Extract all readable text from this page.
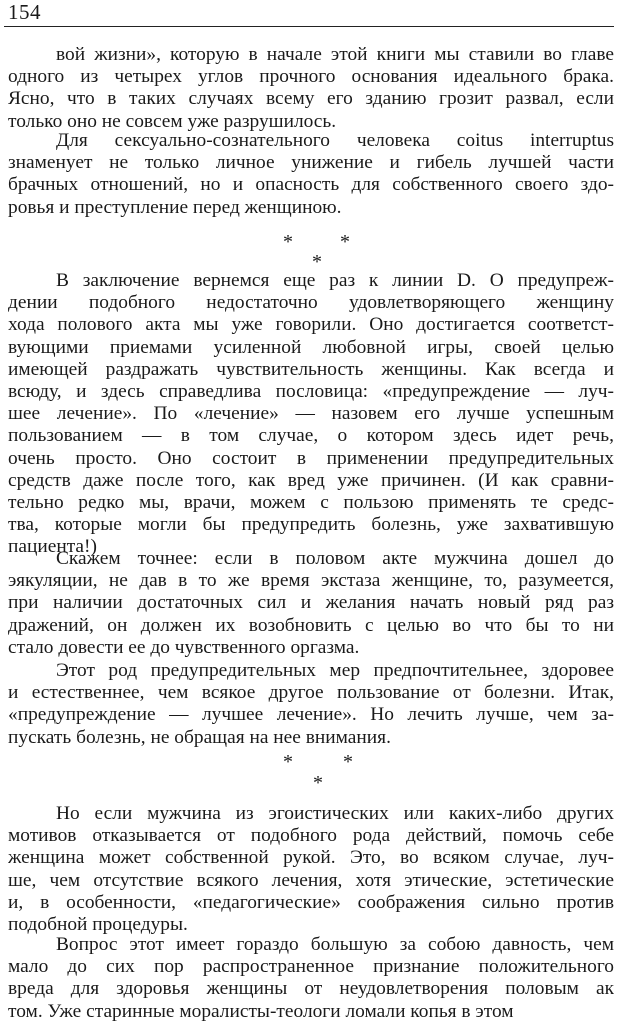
154
вой жизни», которую в начале этой книги мы ставили во главе
одного из четырех углов прочного основания идеального брака.
Ясно, что в таких случаях всему его зданию грозит развал, если
только оно не совсем уже разрушилось.
Для сексуально-сознательного человека coitus interruptus
знаменует не только личное унижение и гибель лучшей части
брачных отношений, но и опасность для собственного своего здо-
ровья и преступление перед женщиною.
В заключение вернемся еще раз к линии D. О предупреж-
дении подобного недостаточно удовлетворяющего женщину
хода полового акта мы уже говорили. Оно достигается соответст-
вующими приемами усиленной любовной игры, своей целью
имеющей раздражать чувствительность женщины. Как всегда и
всюду, и здесь справедлива пословица: «предупреждение — луч-
шее лечение». По «лечение» — назовем его лучше успешным
пользованием — в том случае, о котором здесь идет речь,
очень просто. Оно состоит в применении предупредительных
средств даже после того, как вред уже причинен. (И как сравни-
тельно редко мы, врачи, можем с пользою применять те средс-
тва, которые могли бы предупредить болезнь, уже захватившую
пациента!)
Скажем точнее: если в половом акте мужчина дошел до
эякуляции, не дав в то же время экстаза женщине, то, разумеется,
при наличии достаточных сил и желания начать новый ряд раз
дражений, он должен их возобновить с целью во что бы то ни
стало довести ее до чувственного оргазма.
Этот род предупредительных мер предпочтительнее, здоровее
и естественнее, чем всякое другое пользование от болезни. Итак,
«предупреждение — лучшее лечение». Но лечить лучше, чем за-
пускать болезнь, не обращая на нее внимания.
Но если мужчина из эгоистических или каких-либо других
мотивов отказывается от подобного рода действий, помочь себе
женщина может собственной рукой. Это, во всяком случае, луч-
ше, чем отсутствие всякого лечения, хотя этические, эстетические
и, в особенности, «педагогические» соображения сильно против
подобной процедуры.
Вопрос этот имеет гораздо большую за собою давность, чем
мало до сих пор распространенное признание положительного
вреда для здоровья женщины от неудовлетворения половым ак
том. Уже старинные моралисты-теологи ломали копья в этом
* *
*
*	*
*
